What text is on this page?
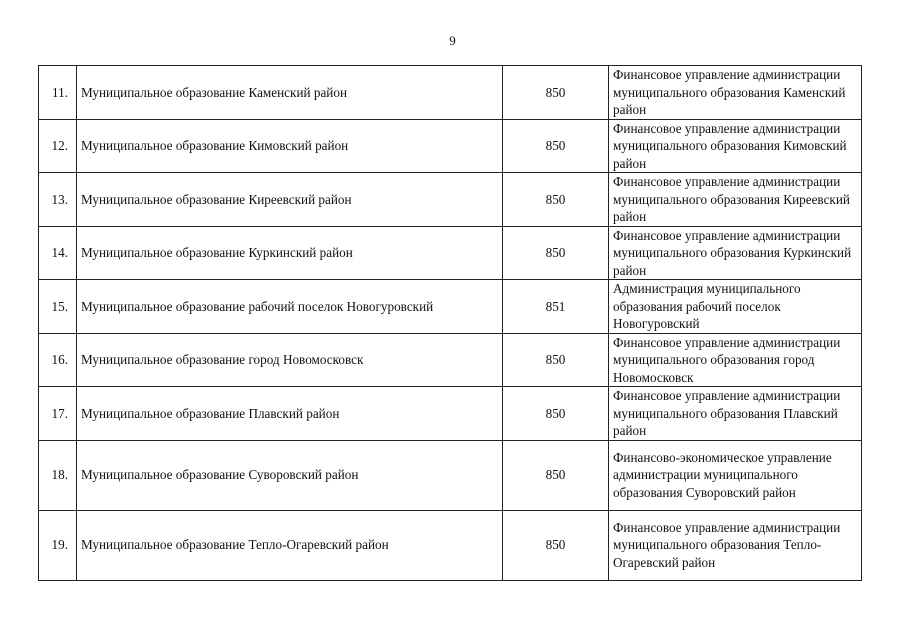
9
11.	Муниципальное образование Каменский район	850	Финансовое управление администрации муниципального образования Каменский район
12.	Муниципальное образование Кимовский район	850	Финансовое управление администрации муниципального образования Кимовский район
13.	Муниципальное образование Киреевский район	850	Финансовое управление администрации муниципального образования Киреевский район
14.	Муниципальное образование Куркинский район	850	Финансовое управление администрации муниципального образования Куркинский район
15.	Муниципальное образование рабочий поселок Новогуровский	851	Администрация муниципального образования рабочий поселок Новогуровский
16.	Муниципальное образование город Новомосковск	850	Финансовое управление администрации муниципального образования город Новомосковск
17.	Муниципальное образование Плавский район	850	Финансовое управление администрации муниципального образования Плавский район
18.	Муниципальное образование Суворовский район	850	Финансово-экономическое управление администрации муниципального образования Суворовский район
19.	Муниципальное образование Тепло-Огаревский район	850	Финансовое управление администрации муниципального образования Тепло-Огаревский район
